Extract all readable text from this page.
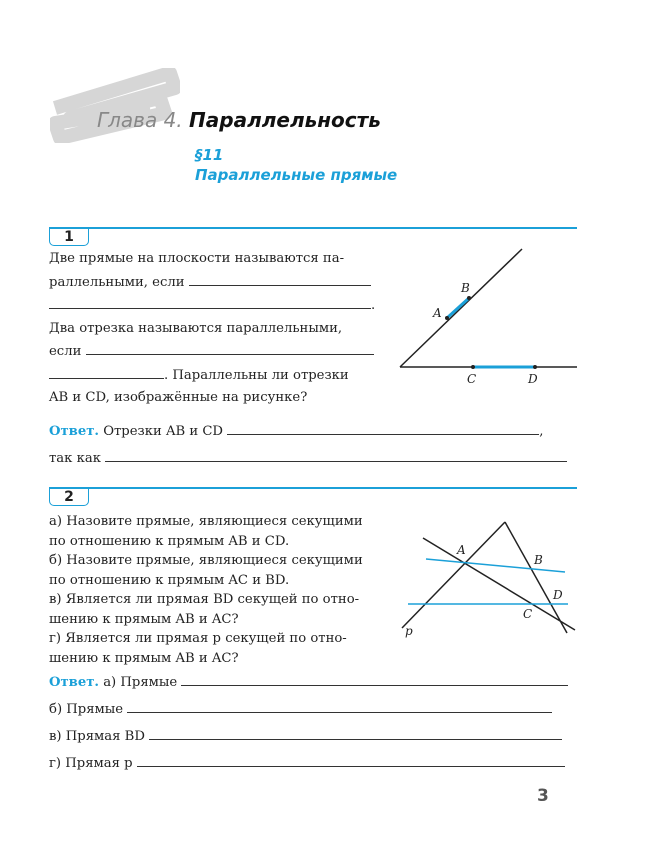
Глава 4. Параллельность
§11
Параллельные прямые
1
Две прямые на плоскости называются па-
раллельными, если
.
Два отрезка называются параллельными,
если
. Параллельны ли отрезки
AB и CD, изображённые на рисунке?
A
B
C	D
Ответ. Отрезки AB и CD	,
так как
2
а) Назовите прямые, являющиеся секущими
по отношению к прямым AB и CD.
б) Назовите прямые, являющиеся секущими
по отношению к прямым AC и BD.
в) Является ли прямая BD секущей по отно-
шению к прямым AB и AC?
г) Является ли прямая p секущей по отно-
шению к прямым AB и AC?
A
B
C
D
p
Ответ. а) Прямые
б) Прямые
в) Прямая BD
г) Прямая p
3
